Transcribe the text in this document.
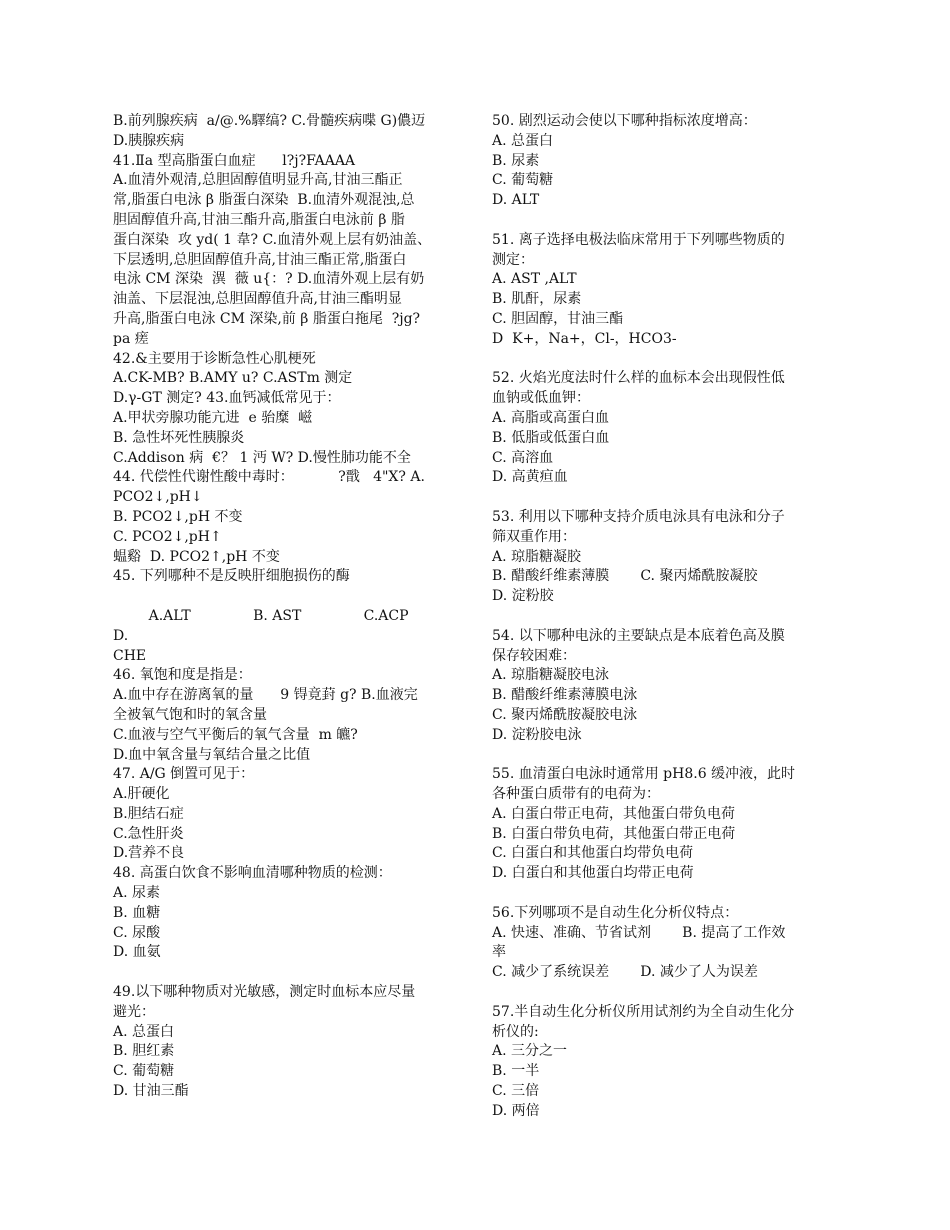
B.前列腺疾病  a/@.%驛缟? C.骨髓疾病喋 G)儂迈
D.胰腺疾病
41.Ⅱa 型高脂蛋白血症      l?j?FAAAA
A.血清外观清,总胆固醇值明显升高,甘油三酯正
常,脂蛋白电泳 β 脂蛋白深染  B.血清外观混浊,总
胆固醇值升高,甘油三酯升高,脂蛋白电泳前 β 脂
蛋白深染  攻 yd( 1 韋? C.血清外观上层有奶油盖、
下层透明,总胆固醇值升高,甘油三酯正常,脂蛋白
电泳 CM 深染  潩  薇 u{：? D.血清外观上层有奶
油盖、下层混浊,总胆固醇值升高,甘油三酯明显
升高,脂蛋白电泳 CM 深染,前 β 脂蛋白拖尾  ?jg?
pa 瘥
42.&主要用于诊断急性心肌梗死
A.CK-MB? B.AMY u? C.ASTm 测定
D.γ-GT 测定? 43.血钙减低常见于：
A.甲状旁腺功能亢进  e 骀糜  嵫
B. 急性坏死性胰腺炎
C.Addison 病  €？ 1 沔 W? D.慢性肺功能不全
44. 代偿性代谢性酸中毒时：          ?戬   4"X? A.
PCO2↓,pH↓
B. PCO2↓,pH 不变
C. PCO2↓,pH↑
蝹谿  D. PCO2↑,pH 不变
45. 下列哪种不是反映肝细胞损伤的酶
A.ALT              B. AST              C.ACP          D.
CHE
46. 氧饱和度是指是：
A.血中存在游离氧的量      9 锝竟葑 g? B.血液完
全被氧气饱和时的氧含量
C.血液与空气平衡后的氧气含量  m 皫?
D.血中氧含量与氧结合量之比值
47. A/G 倒置可见于：
A.肝硬化
B.胆结石症
C.急性肝炎
D.营养不良
48. 高蛋白饮食不影响血清哪种物质的检测：
A. 尿素
B. 血糖
C. 尿酸
D. 血氨
49.以下哪种物质对光敏感，测定时血标本应尽量
避光：
A. 总蛋白
B. 胆红素
C. 葡萄糖
D. 甘油三酯
50. 剧烈运动会使以下哪种指标浓度增高：
A. 总蛋白
B. 尿素
C. 葡萄糖
D. ALT
51. 离子选择电极法临床常用于下列哪些物质的
测定：
A. AST ,ALT
B. 肌酐，尿素
C. 胆固醇，甘油三酯
D  K+，Na+，Cl-，HCO3-
52. 火焰光度法时什么样的血标本会出现假性低
血钠或低血钾：
A. 高脂或高蛋白血
B. 低脂或低蛋白血
C. 高溶血
D. 高黄疸血
53. 利用以下哪种支持介质电泳具有电泳和分子
筛双重作用：
A. 琼脂糖凝胶
B. 醋酸纤维素薄膜       C. 聚丙烯酰胺凝胶
D. 淀粉胶
54. 以下哪种电泳的主要缺点是本底着色高及膜
保存较困难：
A. 琼脂糖凝胶电泳
B. 醋酸纤维素薄膜电泳
C. 聚丙烯酰胺凝胶电泳
D. 淀粉胶电泳
55. 血清蛋白电泳时通常用 pH8.6 缓冲液，此时
各种蛋白质带有的电荷为：
A. 白蛋白带正电荷，其他蛋白带负电荷
B. 白蛋白带负电荷，其他蛋白带正电荷
C. 白蛋白和其他蛋白均带负电荷
D. 白蛋白和其他蛋白均带正电荷
56.下列哪项不是自动生化分析仪特点：
A. 快速、准确、节省试剂       B. 提高了工作效
率
C. 减少了系统误差       D. 减少了人为误差
57.半自动生化分析仪所用试剂约为全自动生化分
析仪的:
A. 三分之一
B. 一半
C. 三倍
D. 两倍
